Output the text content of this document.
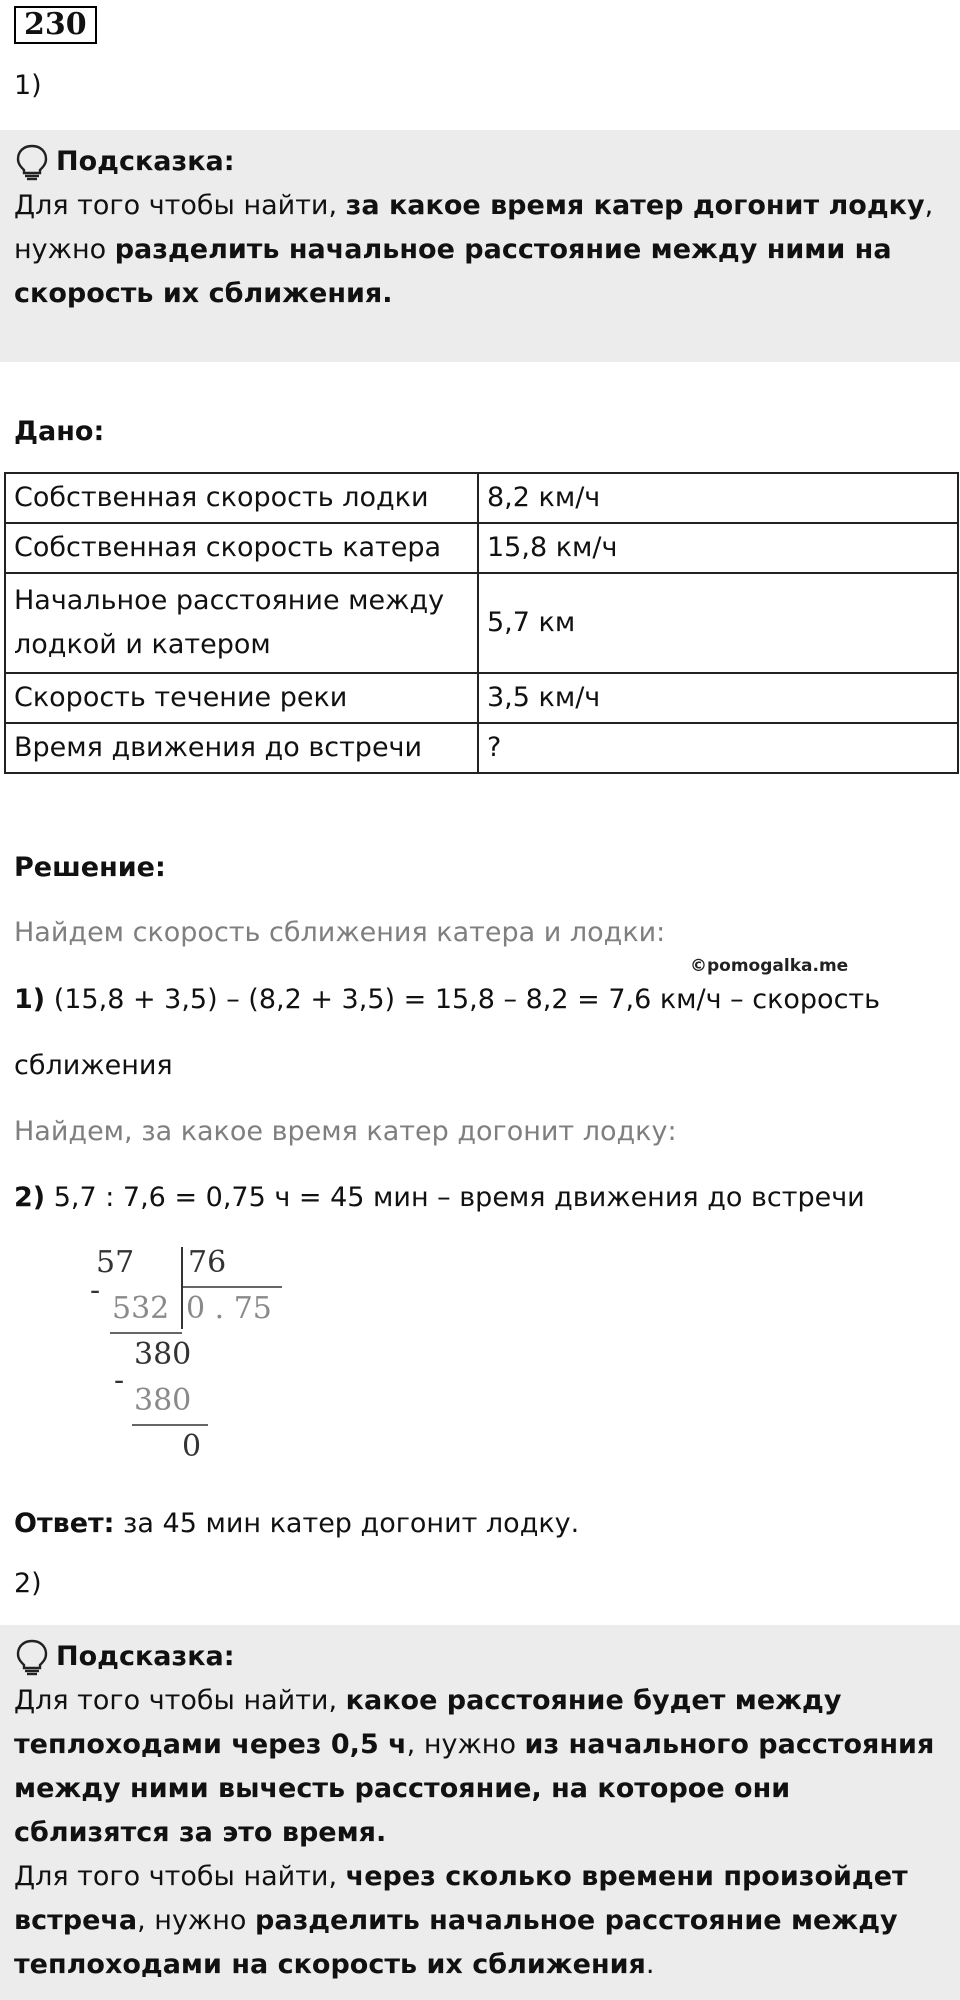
230
1)
Подсказка:
Для того чтобы найти, за какое время катер догонит лодку, нужно разделить начальное расстояние между ними на скорость их сближения.
Дано:
Собственная скорость лодки	8,2 км/ч
Собственная скорость катера	15,8 км/ч
Начальное расстояние между лодкой и катером	5,7 км
Скорость течение реки	3,5 км/ч
Время движения до встречи	?
Решение:
Найдем скорость сближения катера и лодки:
©pomogalka.me
1) (15,8 + 3,5) – (8,2 + 3,5) = 15,8 – 8,2 = 7,6 км/ч – скорость
сближения
Найдем, за какое время катер догонит лодку:
2) 5,7 : 7,6 = 0,75 ч = 45 мин – время движения до встречи
57 76
-
532 0 . 75
380
-
380
0
Ответ: за 45 мин катер догонит лодку.
2)
Подсказка:
Для того чтобы найти, какое расстояние будет между теплоходами через 0,5 ч, нужно из начального расстояния между ними вычесть расстояние, на которое они сблизятся за это время.
Для того чтобы найти, через сколько времени произойдет встреча, нужно разделить начальное расстояние между теплоходами на скорость их сближения.
